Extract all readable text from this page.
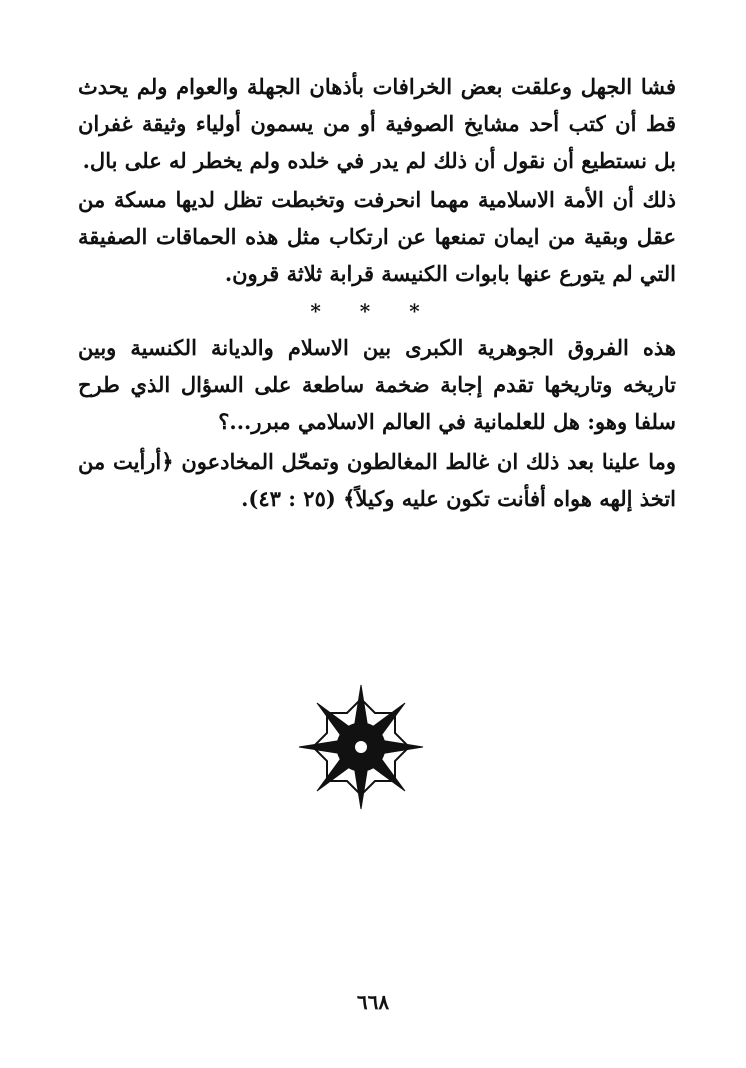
فشا الجهل وعلقت بعض الخرافات بأذهان الجهلة والعوام ولم يحدث قط أن كتب أحد مشايخ الصوفية أو من يسمون أولياء وثيقة غفران بل نستطيع أن نقول أن ذلك لم يدر في خلده ولم يخطر له على بال.

ذلك أن الأمة الاسلامية مهما انحرفت وتخبطت تظل لديها مسكة من عقل وبقية من ايمان تمنعها عن ارتكاب مثل هذه الحماقات الصفيقة التي لم يتورع عنها بابوات الكنيسة قرابة ثلاثة قرون.

* * *

هذه الفروق الجوهرية الكبرى بين الاسلام والديانة الكنسية وبين تاريخه وتاريخها تقدم إجابة ضخمة ساطعة على السؤال الذي طرح سلفا وهو: هل للعلمانية في العالم الاسلامي مبرر...؟

وما علينا بعد ذلك ان غالط المغالطون وتمحّل المخادعون ﴿أرأيت من اتخذ إلهه هواه أفأنت تكون عليه وكيلاً﴾ (٢٥ : ٤٣).

٦٦٨
